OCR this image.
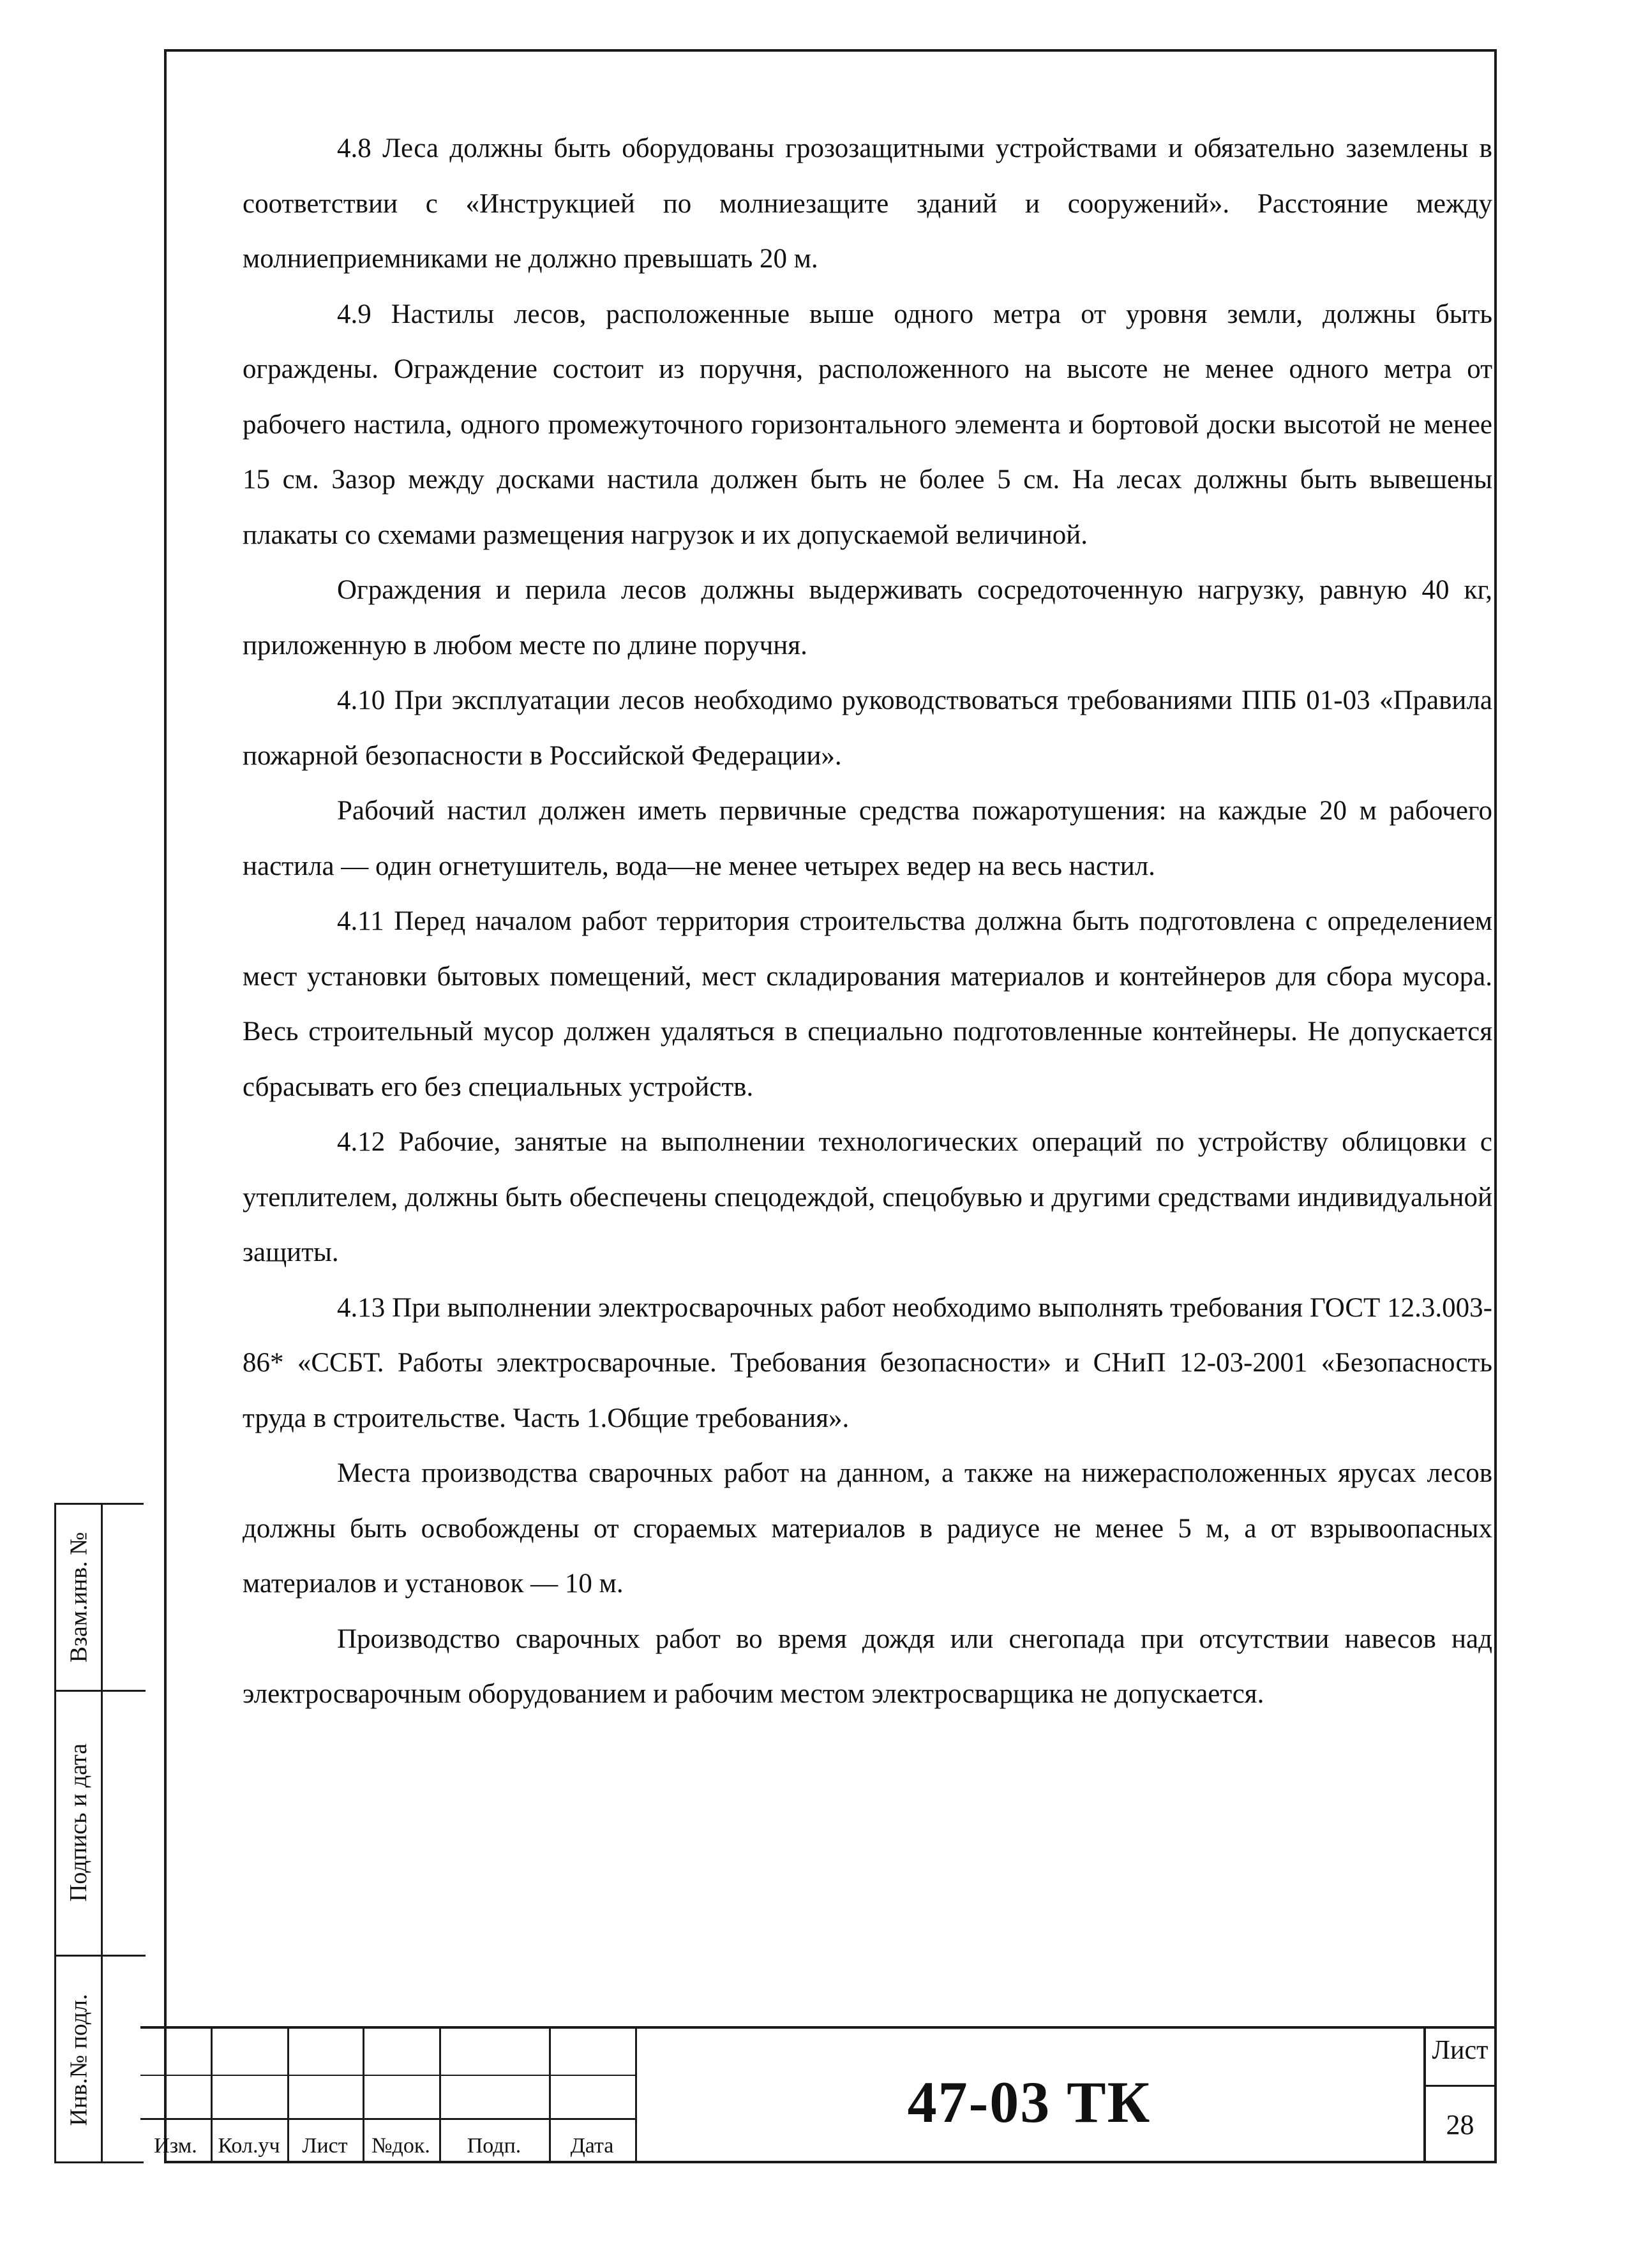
4.8 Леса должны быть оборудованы грозозащитными устройствами и обязательно заземлены в соответствии с «Инструкцией по молниезащите зданий и сооружений». Расстояние между молниеприемниками не должно превышать 20 м.

4.9 Настилы лесов, расположенные выше одного метра от уровня земли, должны быть ограждены. Ограждение состоит из поручня, расположенного на высоте не менее одного метра от рабочего настила, одного промежуточного горизонтального элемента и бортовой доски высотой не менее 15 см. Зазор между досками настила должен быть не более 5 см. На лесах должны быть вывешены плакаты со схемами размещения нагрузок и их допускаемой величиной.

Ограждения и перила лесов должны выдерживать сосредоточенную нагрузку, равную 40 кг, приложенную в любом месте по длине поручня.

4.10 При эксплуатации лесов необходимо руководствоваться требованиями ППБ 01-03 «Правила пожарной безопасности в Российской Федерации».

Рабочий настил должен иметь первичные средства пожаротушения: на каждые 20 м рабочего настила — один огнетушитель, вода—не менее четырех ведер на весь настил.

4.11 Перед началом работ территория строительства должна быть подготовлена с определением мест установки бытовых помещений, мест складирования материалов и контейнеров для сбора мусора. Весь строительный мусор должен удаляться в специально подготовленные контейнеры. Не допускается сбрасывать его без специальных устройств.

4.12 Рабочие, занятые на выполнении технологических операций по устройству облицовки с утеплителем, должны быть обеспечены спецодеждой, спецобувью и другими средствами индивидуальной защиты.

4.13 При выполнении электросварочных работ необходимо выполнять требования ГОСТ 12.3.003-86* «ССБТ. Работы электросварочные. Требования безопасности» и СНиП 12-03-2001 «Безопасность труда в строительстве. Часть 1.Общие требования».

Места производства сварочных работ на данном, а также на нижерасположенных ярусах лесов должны быть освобождены от сгораемых материалов в радиусе не менее 5 м, а от взрывоопасных материалов и установок — 10 м.

Производство сварочных работ во время дождя или снегопада при отсутствии навесов над электросварочным оборудованием и рабочим местом электросварщика не допускается.

Взам.инв. №
Подпись и дата
Инв.№ подл.
Изм. Кол.уч	Лист	№док.	Подп.	Дата
47-03 ТК
Лист
28
